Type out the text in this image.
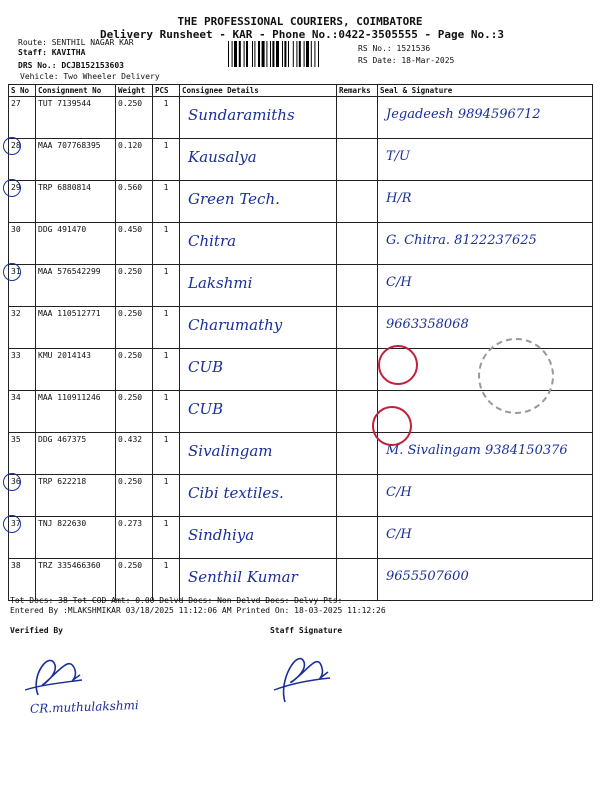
THE PROFESSIONAL COURIERS, COIMBATORE
Delivery Runsheet - KAR - Phone No.:0422-3505555 - Page No.:3
Route: SENTHIL NAGAR KAR
Staff: KAVITHA
DRS No.: DCJB152153603
Vehicle: Two Wheeler Delivery
RS No.: 1521536
RS Date: 18-Mar-2025
S No	Consignment No	Weight	PCS	Consignee Details	Remarks	Seal & Signature
27	TUT 7139544	0.250	1	Sundaramiths		Jegadeesh 9894596712

28	MAA 707768395	0.120	1	Kausalya		T/U

29	TRP 6880814	0.560	1	Green Tech.		H/R

30	DDG 491470	0.450	1	Chitra		G. Chitra. 8122237625

31	MAA 576542299	0.250	1	Lakshmi		C/H

32	MAA 110512771	0.250	1	Charumathy		9663358068

33	KMU 2014143	0.250	1	CUB		

34	MAA 110911246	0.250	1	CUB		

35	DDG 467375	0.432	1	Sivalingam		M. Sivalingam 9384150376

36	TRP 622218	0.250	1	Cibi textiles.		C/H

37	TNJ 822630	0.273	1	Sindhiya		C/H

38	TRZ 335466360	0.250	1	Senthil Kumar		9655507600
Tot Docs: 38 Tot COD Amt: 0.00 Delvd Docs: Non Delvd Docs: Delvy Pts:
Entered By :MLAKSHMIKAR 03/18/2025 11:12:06 AM Printed On: 18-03-2025 11:12:26
Verified By	Staff Signature
CR.muthulakshmi
